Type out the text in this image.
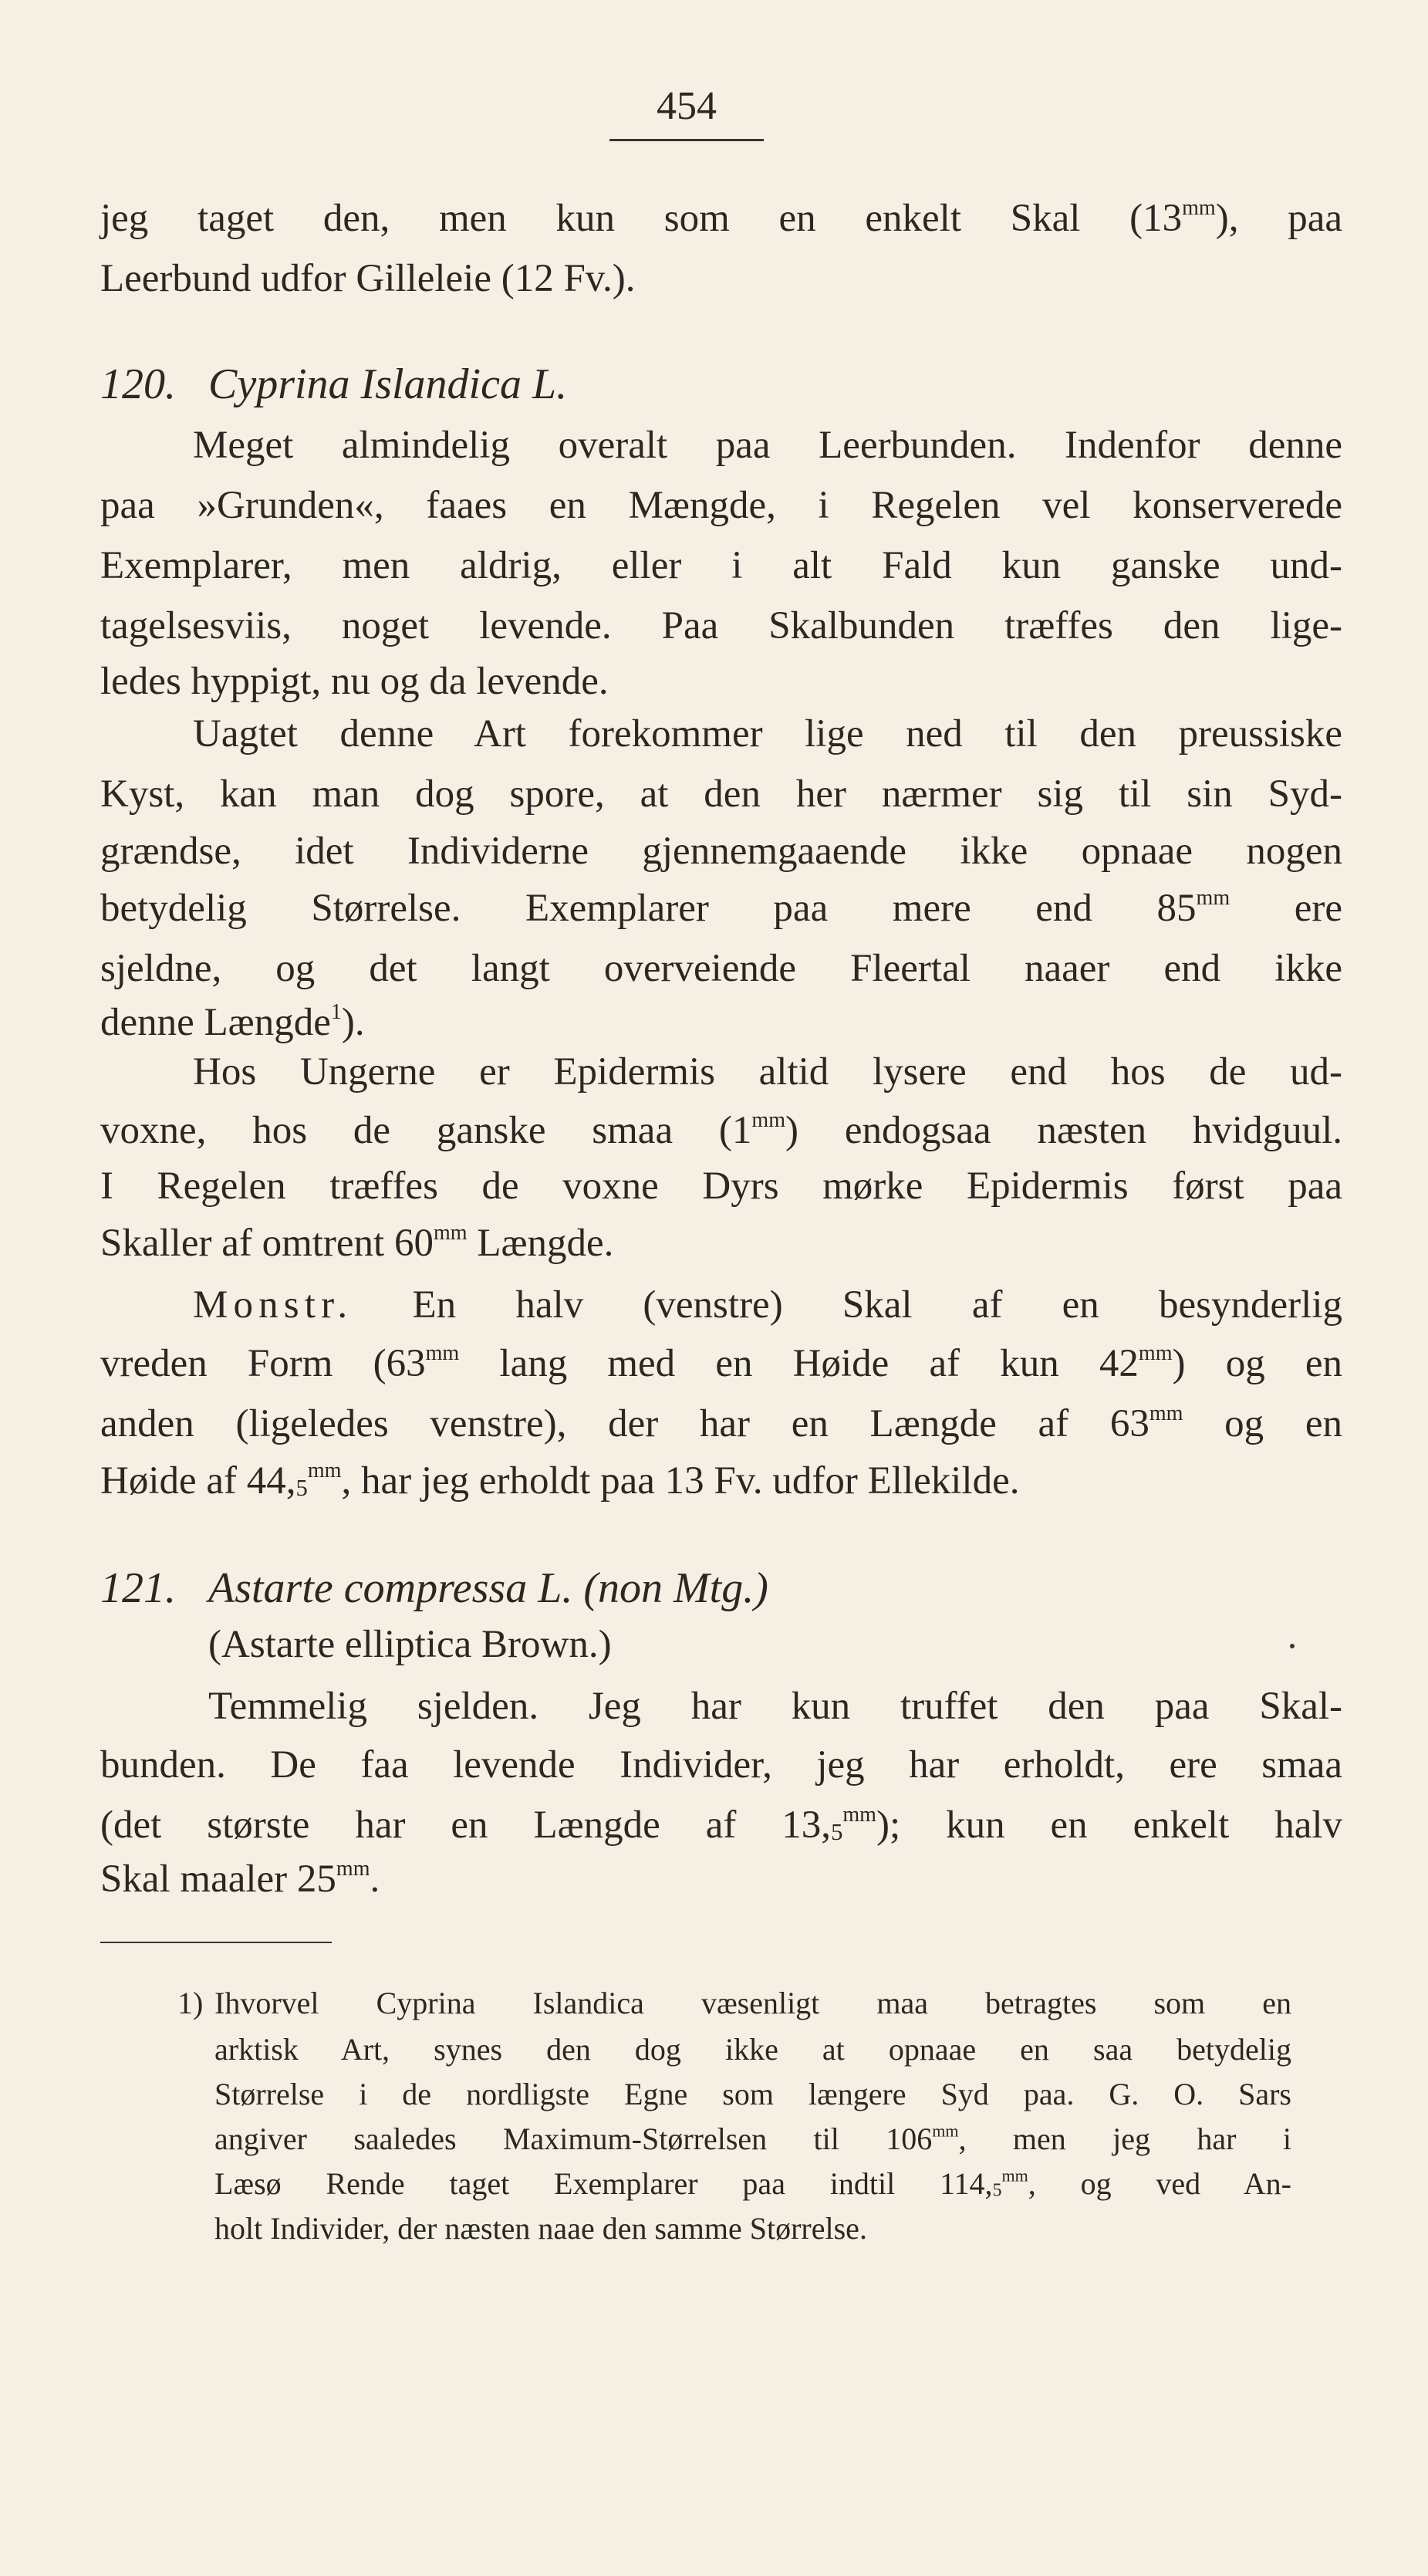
454
jeg taget den, men kun som en enkelt Skal $(13^{mm})$, paa
Leerbund udfor Gilleleie (12 Fv.).
120. Cyprina Islandica L.
Meget almindelig overalt paa Leerbunden. Indenfor denne
paa »Grunden«, faaes en Mængde, i Regelen vel konserverede
Exemplarer, men aldrig, eller i alt Fald kun ganske und-
tagelsesviis, noget levende. Paa Skalbunden træffes den lige-
ledes hyppigt, nu og da levende.
Uagtet denne Art forekommer lige ned til den preussiske
Kyst, kan man dog spore, at den her nærmer sig til sin Syd-
grændse, idet Individerne gjennemgaaende ikke opnaae nogen
betydelig Størrelse. Exemplarer paa mere end $85^{mm}$ ere
sjeldne, og det langt overveiende Fleertal naaer end ikke
denne Længde$^1$).
Hos Ungerne er Epidermis altid lysere end hos de ud-
voxne, hos de ganske smaa $(1^{mm})$ endogsaa næsten hvidguul.
I Regelen træffes de voxne Dyrs mørke Epidermis først paa
Skaller af omtrent $60^{mm}$ Længde.
Monstr. En halv (venstre) Skal af en besynderlig
vreden Form ($63^{mm}$ lang med en Høide af kun $42^{mm}$) og en
anden (ligeledes venstre), der har en Længde af $63^{mm}$ og en
Høide af $44,_5^{mm}$, har jeg erholdt paa 13 Fv. udfor Ellekilde.
121. Astarte compressa L. (non Mtg.)
(Astarte elliptica Brown.)
Temmelig sjelden. Jeg har kun truffet den paa Skal-
bunden. De faa levende Individer, jeg har erholdt, ere smaa
(det største har en Længde af $13,_5^{mm}$); kun en enkelt halv
Skal maaler $25^{mm}$.
1) Ihvorvel Cyprina Islandica væsenligt maa betragtes som en
arktisk Art, synes den dog ikke at opnaae en saa betydelig
Størrelse i de nordligste Egne som længere Syd paa. G. O. Sars
angiver saaledes Maximum-Størrelsen til $106^{mm}$, men jeg har i
Læsø Rende taget Exemplarer paa indtil $114,_5^{mm}$, og ved An-
holt Individer, der næsten naae den samme Størrelse.
